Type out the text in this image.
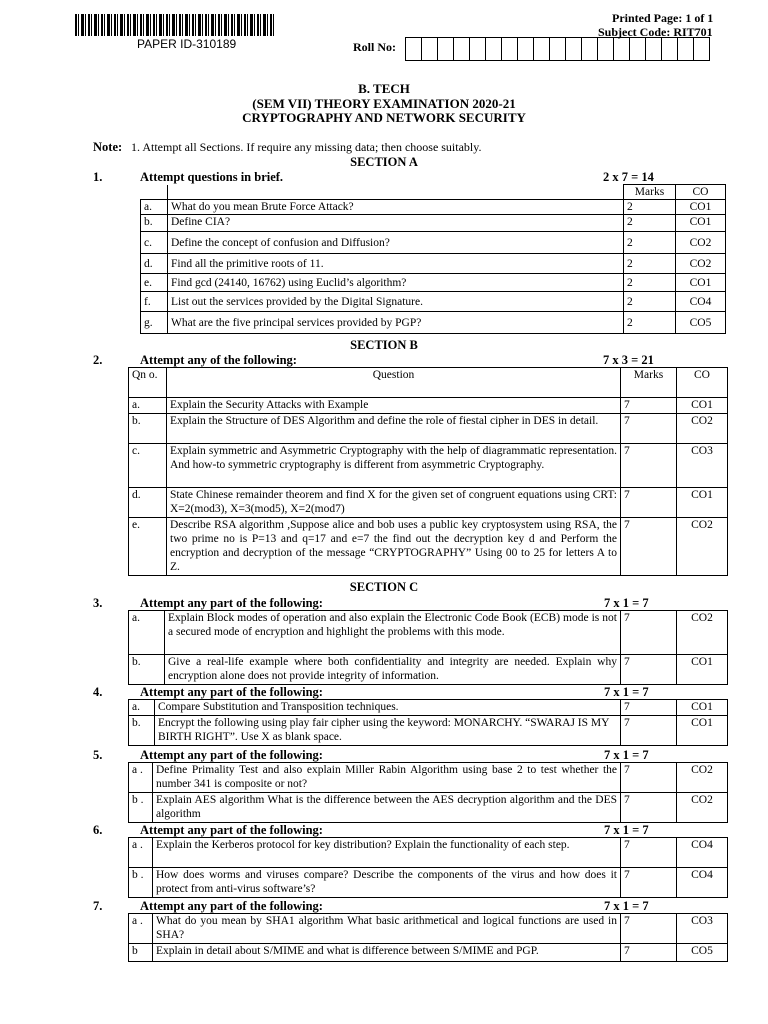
PAPER ID-310189
Printed Page: 1 of 1
Subject Code: RIT701
Roll No:

B. TECH
(SEM VII) THEORY EXAMINATION 2020-21
CRYPTOGRAPHY AND NETWORK SECURITY
Note: 1. Attempt all Sections. If require any missing data; then choose suitably.
SECTION A
1.	Attempt questions in brief.	2 x 7 = 14
		Marks	CO
a.	What do you mean Brute Force Attack?	2	CO1
b.	Define CIA?	2	CO1
c.	Define the concept of confusion and Diffusion?	2	CO2
d.	Find all the primitive roots of 11.	2	CO2
e.	Find gcd (24140, 16762) using Euclid’s algorithm?	2	CO1
f.	List out the services provided by the Digital Signature.	2	CO4
g.	What are the five principal services provided by PGP?	2	CO5
SECTION B
2.	Attempt any of the following:	7 x 3 = 21
Qn o.	Question	Marks	CO
a.	Explain the Security Attacks with Example	7	CO1
b.	Explain the Structure of DES Algorithm and define the role of fiestal cipher in DES in detail.	7	CO2
c.	Explain symmetric and Asymmetric Cryptography with the help of diagrammatic representation. And how-to symmetric cryptography is different from asymmetric Cryptography.	7	CO3
d.	State Chinese remainder theorem and find X for the given set of congruent equations using CRT: X=2(mod3), X=3(mod5), X=2(mod7)	7	CO1
e.	Describe RSA algorithm ,Suppose alice and bob uses a public key cryptosystem using RSA, the two prime no is P=13 and q=17 and e=7 the find out the decryption key d and Perform the encryption and decryption of the message “CRYPTOGRAPHY” Using 00 to 25 for letters A to Z.	7	CO2
SECTION C
3.	Attempt any part of the following:	7 x 1 = 7
a.	Explain Block modes of operation and also explain the Electronic Code Book (ECB) mode is not a secured mode of encryption and highlight the problems with this mode.	7	CO2
b.	Give a real-life example where both confidentiality and integrity are needed. Explain why encryption alone does not provide integrity of information.	7	CO1
4.	Attempt any part of the following:	7 x 1 = 7
a.	Compare Substitution and Transposition techniques.	7	CO1
b.	Encrypt the following using play fair cipher using the keyword: MONARCHY. “SWARAJ IS MY BIRTH RIGHT”. Use X as blank space.	7	CO1
5.	Attempt any part of the following:	7 x 1 = 7
a .	Define Primality Test and also explain Miller Rabin Algorithm using base 2 to test whether the number 341 is composite or not?	7	CO2
b .	Explain AES algorithm What is the difference between the AES decryption algorithm and the DES algorithm	7	CO2
6.	Attempt any part of the following:	7 x 1 = 7
a .	Explain the Kerberos protocol for key distribution? Explain the functionality of each step.	7	CO4
b .	How does worms and viruses compare? Describe the components of the virus and how does it protect from anti-virus software’s?	7	CO4
7.	Attempt any part of the following:	7 x 1 = 7
a .	What do you mean by SHA1 algorithm What basic arithmetical and logical functions are used in SHA?	7	CO3
b	Explain in detail about S/MIME and what is difference between S/MIME and PGP.	7	CO5
